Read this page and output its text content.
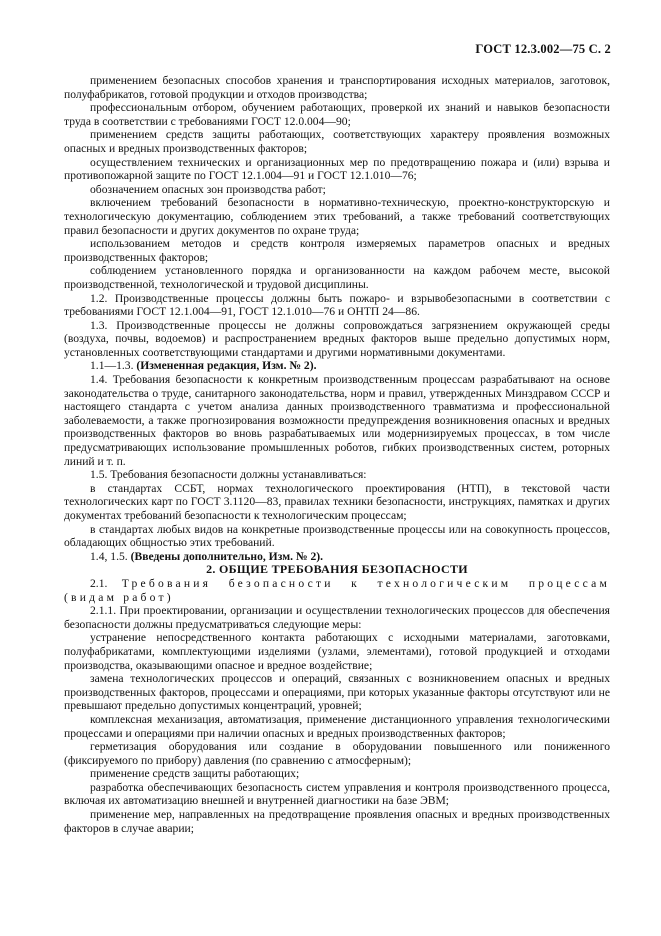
ГОСТ 12.3.002—75 С. 2

применением безопасных способов хранения и транспортирования исходных материалов, заготовок, полуфабрикатов, готовой продукции и отходов производства;

профессиональным отбором, обучением работающих, проверкой их знаний и навыков безопасности труда в соответствии с требованиями ГОСТ 12.0.004—90;

применением средств защиты работающих, соответствующих характеру проявления возможных опасных и вредных производственных факторов;

осуществлением технических и организационных мер по предотвращению пожара и (или) взрыва и противопожарной защите по ГОСТ 12.1.004—91 и ГОСТ 12.1.010—76;

обозначением опасных зон производства работ;

включением требований безопасности в нормативно-техническую, проектно-конструкторскую и технологическую документацию, соблюдением этих требований, а также требований соответствующих правил безопасности и других документов по охране труда;

использованием методов и средств контроля измеряемых параметров опасных и вредных производственных факторов;

соблюдением установленного порядка и организованности на каждом рабочем месте, высокой производственной, технологической и трудовой дисциплины.

1.2. Производственные процессы должны быть пожаро- и взрывобезопасными в соответствии с требованиями ГОСТ 12.1.004—91, ГОСТ 12.1.010—76 и ОНТП 24—86.

1.3. Производственные процессы не должны сопровождаться загрязнением окружающей среды (воздуха, почвы, водоемов) и распространением вредных факторов выше предельно допустимых норм, установленных соответствующими стандартами и другими нормативными документами.

1.1—1.3. (Измененная редакция, Изм. № 2).

1.4. Требования безопасности к конкретным производственным процессам разрабатывают на основе законодательства о труде, санитарного законодательства, норм и правил, утвержденных Минздравом СССР и настоящего стандарта с учетом анализа данных производственного травматизма и профессиональной заболеваемости, а также прогнозирования возможности предупреждения возникновения опасных и вредных производственных факторов во вновь разрабатываемых или модернизируемых процессах, в том числе предусматривающих использование промышленных роботов, гибких производственных систем, роторных линий и т. п.

1.5. Требования безопасности должны устанавливаться:

в стандартах ССБТ, нормах технологического проектирования (НТП), в текстовой части технологических карт по ГОСТ 3.1120—83, правилах техники безопасности, инструкциях, памятках и других документах требований безопасности к технологическим процессам;

в стандартах любых видов на конкретные производственные процессы или на совокупность процессов, обладающих общностью этих требований.

1.4, 1.5. (Введены дополнительно, Изм. № 2).

2. ОБЩИЕ ТРЕБОВАНИЯ БЕЗОПАСНОСТИ

2.1. Требования безопасности к технологическим процессам (видам работ)

2.1.1. При проектировании, организации и осуществлении технологических процессов для обеспечения безопасности должны предусматриваться следующие меры:

устранение непосредственного контакта работающих с исходными материалами, заготовками, полуфабрикатами, комплектующими изделиями (узлами, элементами), готовой продукцией и отходами производства, оказывающими опасное и вредное воздействие;

замена технологических процессов и операций, связанных с возникновением опасных и вредных производственных факторов, процессами и операциями, при которых указанные факторы отсутствуют или не превышают предельно допустимых концентраций, уровней;

комплексная механизация, автоматизация, применение дистанционного управления технологическими процессами и операциями при наличии опасных и вредных производственных факторов;

герметизация оборудования или создание в оборудовании повышенного или пониженного (фиксируемого по прибору) давления (по сравнению с атмосферным);

применение средств защиты работающих;

разработка обеспечивающих безопасность систем управления и контроля производственного процесса, включая их автоматизацию внешней и внутренней диагностики на базе ЭВМ;

применение мер, направленных на предотвращение проявления опасных и вредных производственных факторов в случае аварии;
